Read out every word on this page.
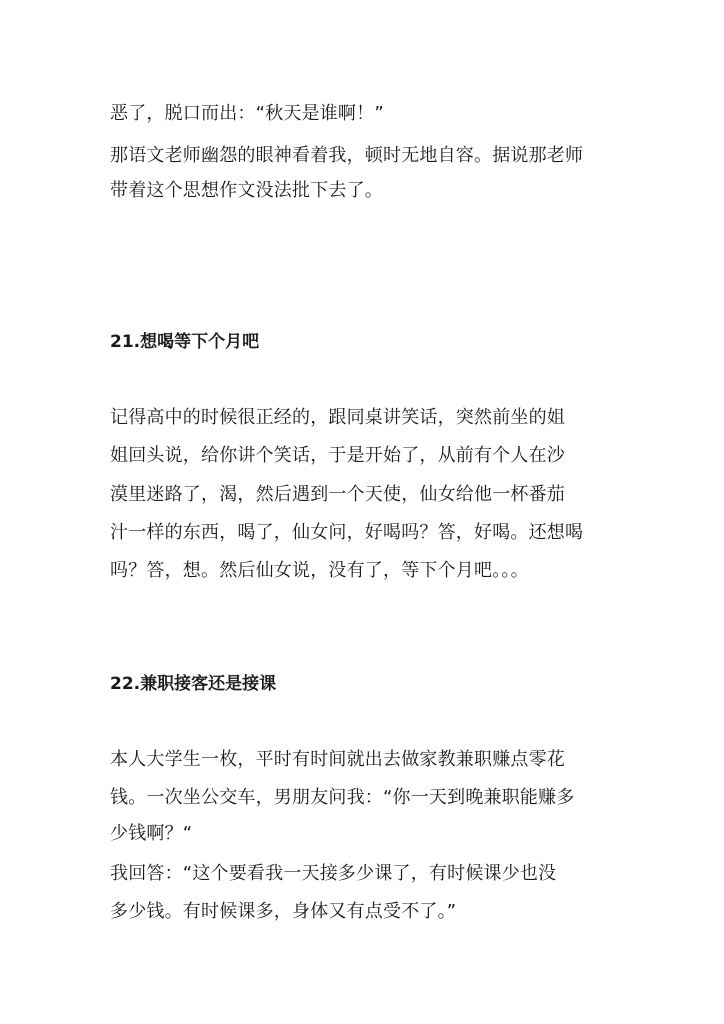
恶了，脱口而出：“秋天是谁啊！”
那语文老师幽怨的眼神看着我，顿时无地自容。据说那老师
带着这个思想作文没法批下去了。
21.想喝等下个月吧
记得高中的时候很正经的，跟同桌讲笑话，突然前坐的姐
姐回头说，给你讲个笑话，于是开始了，从前有个人在沙
漠里迷路了，渴，然后遇到一个天使，仙女给他一杯番茄
汁一样的东西，喝了，仙女问，好喝吗？答，好喝。还想喝
吗？答，想。然后仙女说，没有了，等下个月吧。。。
22.兼职接客还是接课
本人大学生一枚，平时有时间就出去做家教兼职赚点零花
钱。一次坐公交车，男朋友问我：“你一天到晚兼职能赚多
少钱啊？“
我回答：“这个要看我一天接多少课了，有时候课少也没
多少钱。有时候课多，身体又有点受不了。”
